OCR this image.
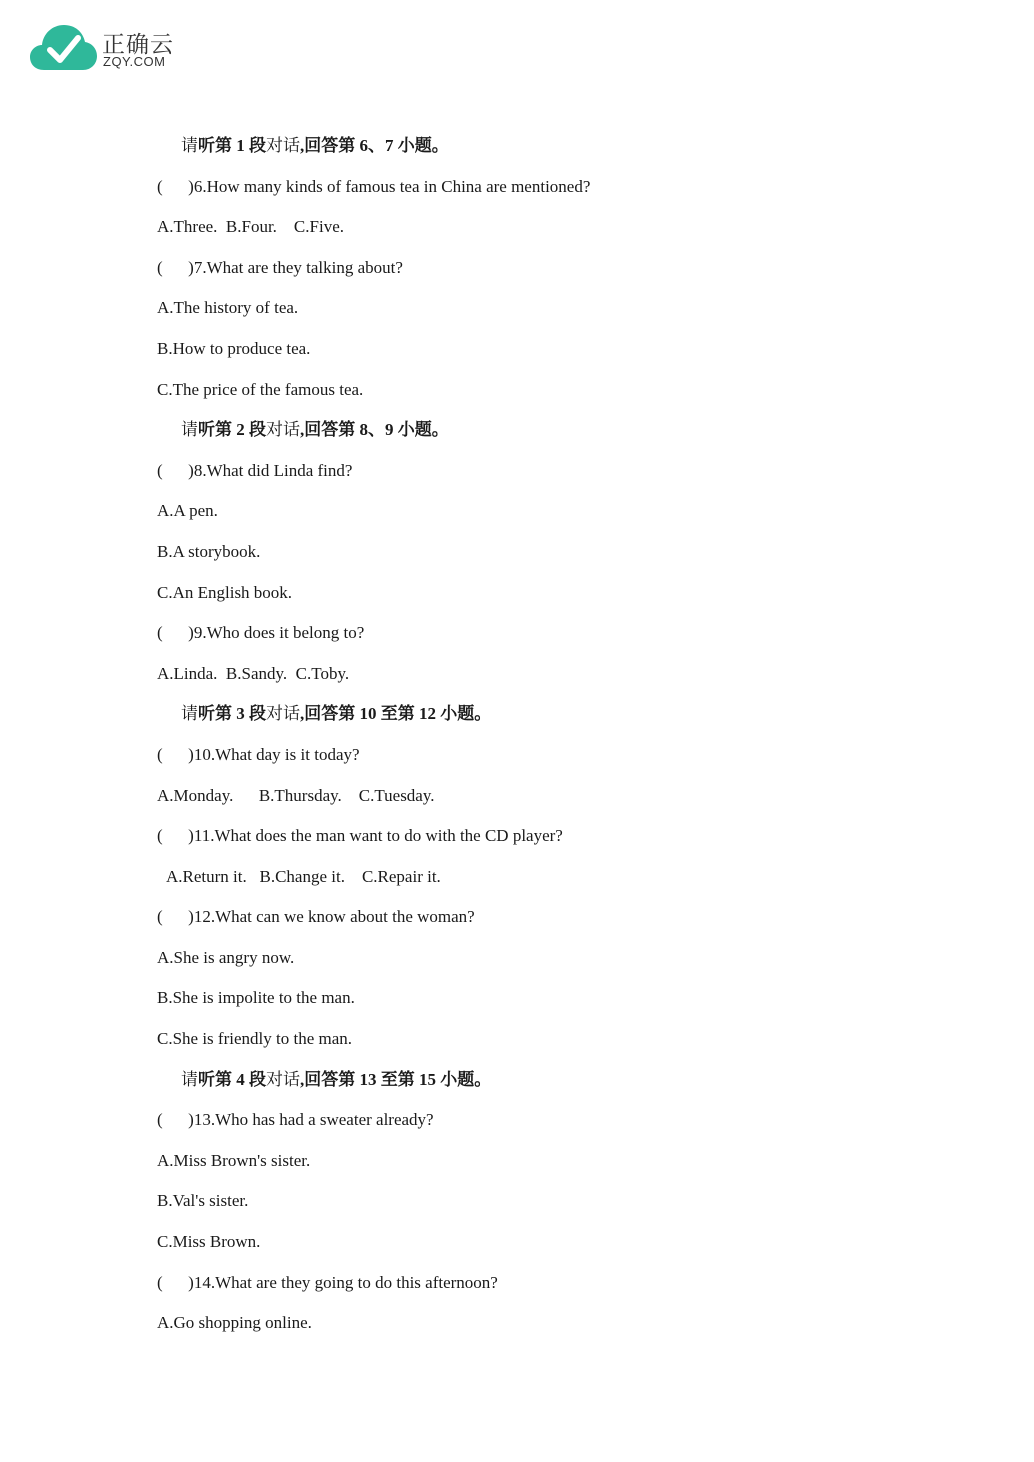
正确云
ZQY.COM
请听第 1 段对话,回答第 6、7 小题。
(      )6.How many kinds of famous tea in China are mentioned?
A.Three.  B.Four.    C.Five.
(      )7.What are they talking about?
A.The history of tea.
B.How to produce tea.
C.The price of the famous tea.
请听第 2 段对话,回答第 8、9 小题。
(      )8.What did Linda find?
A.A pen.
B.A storybook.
C.An English book.
(      )9.Who does it belong to?
A.Linda.  B.Sandy.  C.Toby.
请听第 3 段对话,回答第 10 至第 12 小题。
(      )10.What day is it today?
A.Monday.      B.Thursday.    C.Tuesday.
(      )11.What does the man want to do with the CD player?
A.Return it.   B.Change it.    C.Repair it.
(      )12.What can we know about the woman?
A.She is angry now.
B.She is impolite to the man.
C.She is friendly to the man.
请听第 4 段对话,回答第 13 至第 15 小题。
(      )13.Who has had a sweater already?
A.Miss Brown's sister.
B.Val's sister.
C.Miss Brown.
(      )14.What are they going to do this afternoon?
A.Go shopping online.
